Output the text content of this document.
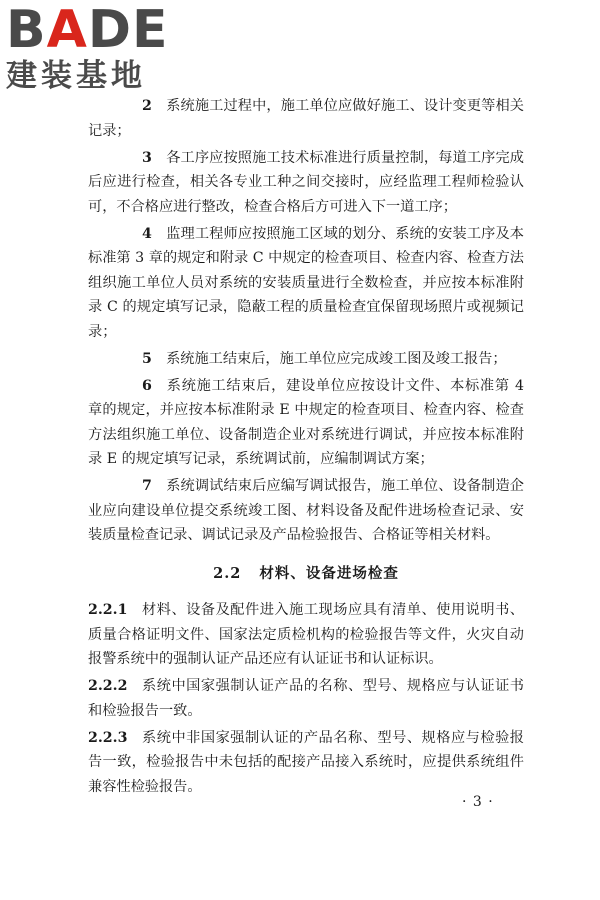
BADE
建装基地

2  系统施工过程中，施工单位应做好施工、设计变更等相关记录；

3  各工序应按照施工技术标准进行质量控制，每道工序完成后应进行检查，相关各专业工种之间交接时，应经监理工程师检验认可，不合格应进行整改，检查合格后方可进入下一道工序；

4  监理工程师应按照施工区域的划分、系统的安装工序及本标准第 3 章的规定和附录 C 中规定的检查项目、检查内容、检查方法组织施工单位人员对系统的安装质量进行全数检查，并应按本标准附录 C 的规定填写记录，隐蔽工程的质量检查宜保留现场照片或视频记录；

5  系统施工结束后，施工单位应完成竣工图及竣工报告；

6  系统施工结束后，建设单位应按设计文件、本标准第 4 章的规定，并应按本标准附录 E 中规定的检查项目、检查内容、检查方法组织施工单位、设备制造企业对系统进行调试，并应按本标准附录 E 的规定填写记录，系统调试前，应编制调试方案；

7  系统调试结束后应编写调试报告，施工单位、设备制造企业应向建设单位提交系统竣工图、材料设备及配件进场检查记录、安装质量检查记录、调试记录及产品检验报告、合格证等相关材料。

2.2 材料、设备进场检查

2.2.1 材料、设备及配件进入施工现场应具有清单、使用说明书、质量合格证明文件、国家法定质检机构的检验报告等文件，火灾自动报警系统中的强制认证产品还应有认证证书和认证标识。

2.2.2 系统中国家强制认证产品的名称、型号、规格应与认证证书和检验报告一致。

2.2.3 系统中非国家强制认证的产品名称、型号、规格应与检验报告一致，检验报告中未包括的配接产品接入系统时，应提供系统组件兼容性检验报告。

· 3 ·
